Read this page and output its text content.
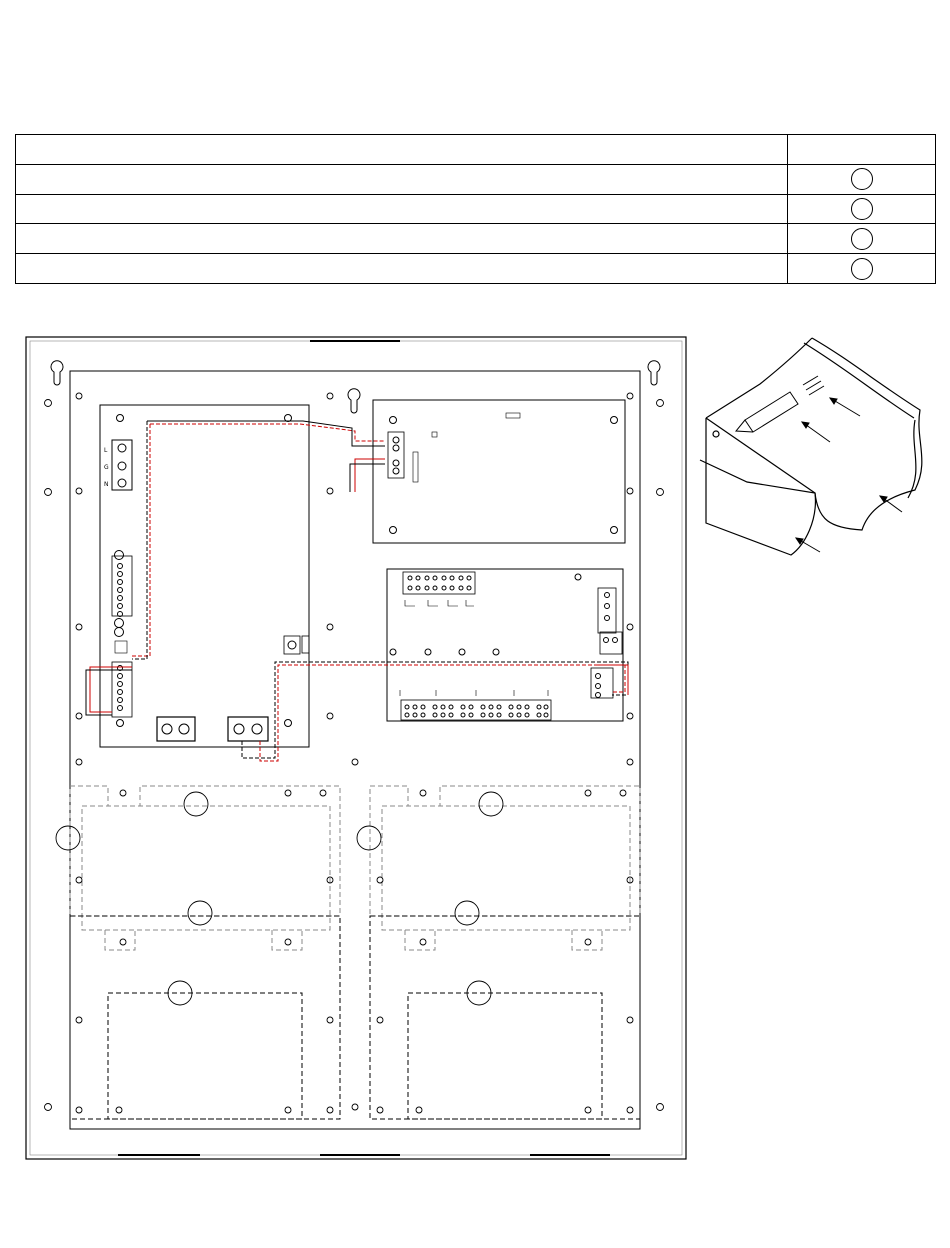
L
G
N
